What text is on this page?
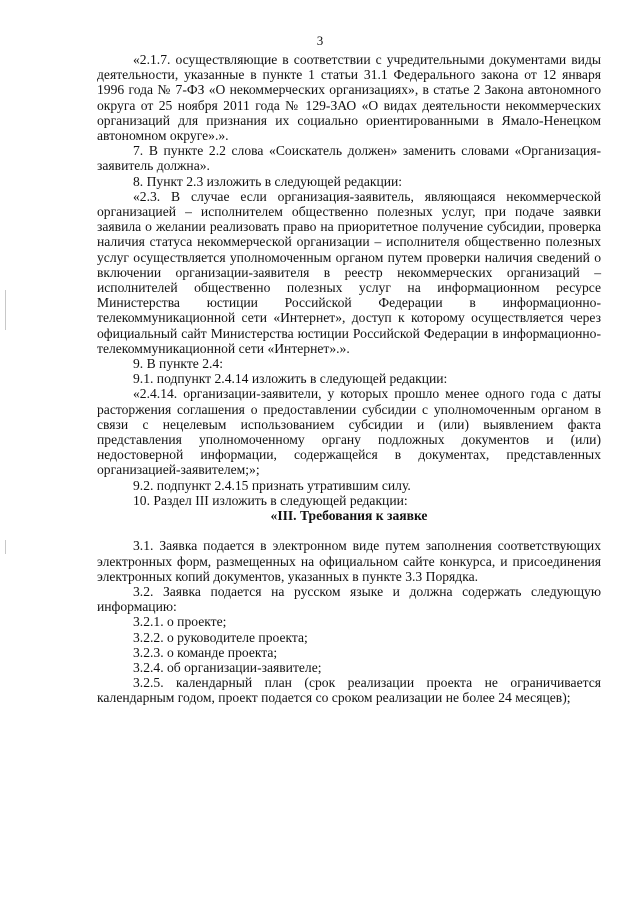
3

«2.1.7. осуществляющие в соответствии с учредительными документами виды деятельности, указанные в пункте 1 статьи 31.1 Федерального закона от 12 января 1996 года № 7-ФЗ «О некоммерческих организациях», в статье 2 Закона автономного округа от 25 ноября 2011 года № 129-ЗАО «О видах деятельности некоммерческих организаций для признания их социально ориентированными в Ямало-Ненецком автономном округе».».

7. В пункте 2.2 слова «Соискатель должен» заменить словами «Организация-заявитель должна».

8. Пункт 2.3 изложить в следующей редакции:

«2.3. В случае если организация-заявитель, являющаяся некоммерческой организацией – исполнителем общественно полезных услуг, при подаче заявки заявила о желании реализовать право на приоритетное получение субсидии, проверка наличия статуса некоммерческой организации – исполнителя общественно полезных услуг осуществляется уполномоченным органом путем проверки наличия сведений о включении организации-заявителя в реестр некоммерческих организаций – исполнителей общественно полезных услуг на информационном ресурсе Министерства юстиции Российской Федерации в информационно-телекоммуникационной сети «Интернет», доступ к которому осуществляется через официальный сайт Министерства юстиции Российской Федерации в информационно-телекоммуникационной сети «Интернет».».

9. В пункте 2.4:

9.1. подпункт 2.4.14 изложить в следующей редакции:

«2.4.14. организации-заявители, у которых прошло менее одного года с даты расторжения соглашения о предоставлении субсидии с уполномоченным органом в связи с нецелевым использованием субсидии и (или) выявлением факта представления уполномоченному органу подложных документов и (или) недостоверной информации, содержащейся в документах, представленных организацией-заявителем;»;

9.2. подпункт 2.4.15 признать утратившим силу.

10. Раздел III изложить в следующей редакции:

«III. Требования к заявке

3.1. Заявка подается в электронном виде путем заполнения соответствующих электронных форм, размещенных на официальном сайте конкурса, и присоединения электронных копий документов, указанных в пункте 3.3 Порядка.

3.2. Заявка подается на русском языке и должна содержать следующую информацию:

3.2.1. о проекте;

3.2.2. о руководителе проекта;

3.2.3. о команде проекта;

3.2.4. об организации-заявителе;

3.2.5. календарный план (срок реализации проекта не ограничивается календарным годом, проект подается со сроком реализации не более 24 месяцев);
